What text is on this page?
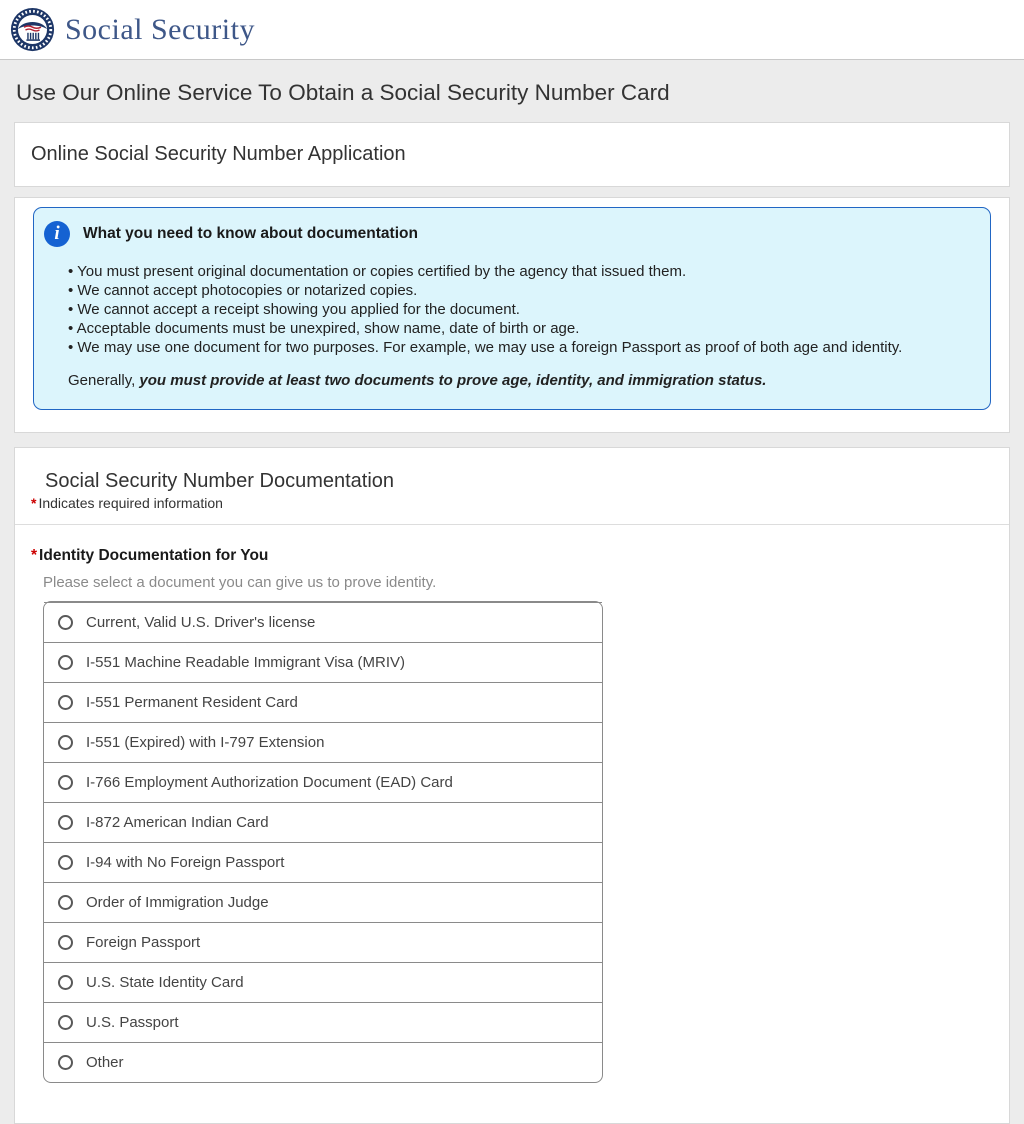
Social Security
Use Our Online Service To Obtain a Social Security Number Card
Online Social Security Number Application
i	What you need to know about documentation
• You must present original documentation or copies certified by the agency that issued them.
• We cannot accept photocopies or notarized copies.
• We cannot accept a receipt showing you applied for the document.
• Acceptable documents must be unexpired, show name, date of birth or age.
• We may use one document for two purposes. For example, we may use a foreign Passport as proof of both age and identity.

Generally, you must provide at least two documents to prove age, identity, and immigration status.

Social Security Number Documentation
* Indicates required information
* Identity Documentation for You
Please select a document you can give us to prove identity.
Current, Valid U.S. Driver's license
I-551 Machine Readable Immigrant Visa (MRIV)
I-551 Permanent Resident Card
I-551 (Expired) with I-797 Extension
I-766 Employment Authorization Document (EAD) Card
I-872 American Indian Card
I-94 with No Foreign Passport
Order of Immigration Judge
Foreign Passport
U.S. State Identity Card
U.S. Passport
Other
